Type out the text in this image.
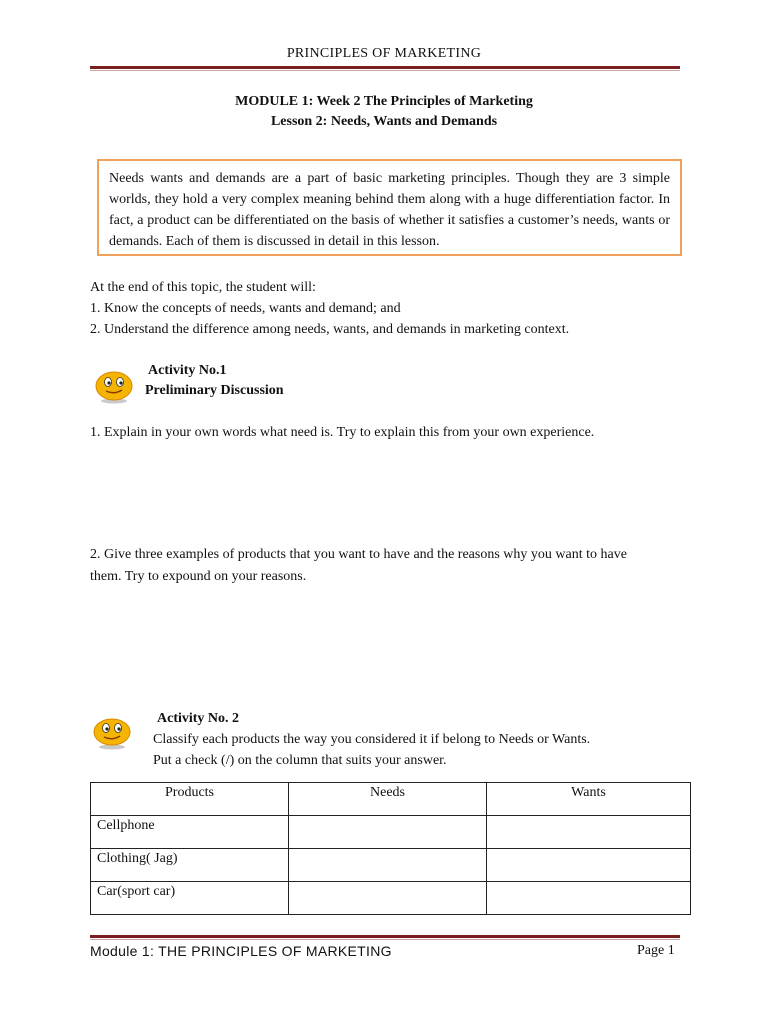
PRINCIPLES OF MARKETING
MODULE 1: Week 2 The Principles of Marketing
Lesson 2: Needs, Wants and Demands
Needs wants and demands are a part of basic marketing principles. Though they are 3 simple worlds, they hold a very complex meaning behind them along with a huge differentiation factor. In fact, a product can be differentiated on the basis of whether it satisfies a customer’s needs, wants or demands. Each of them is discussed in detail in this lesson.
At the end of this topic, the student will:
1. Know the concepts of needs, wants and demand; and
2. Understand the difference among needs, wants, and demands in marketing context.
Activity No.1
Preliminary Discussion
1. Explain in your own words what need is. Try to explain this from your own experience.
2. Give three examples of products that you want to have and the reasons why you want to have
them. Try to expound on your reasons.
Activity No. 2
Classify each products the way you considered it if belong to Needs or Wants.
Put a check (/) on the column that suits your answer.
Products	Needs	Wants
Cellphone		
Clothing( Jag)		
Car(sport car)		
Module 1: THE PRINCIPLES OF MARKETING	Page 1
